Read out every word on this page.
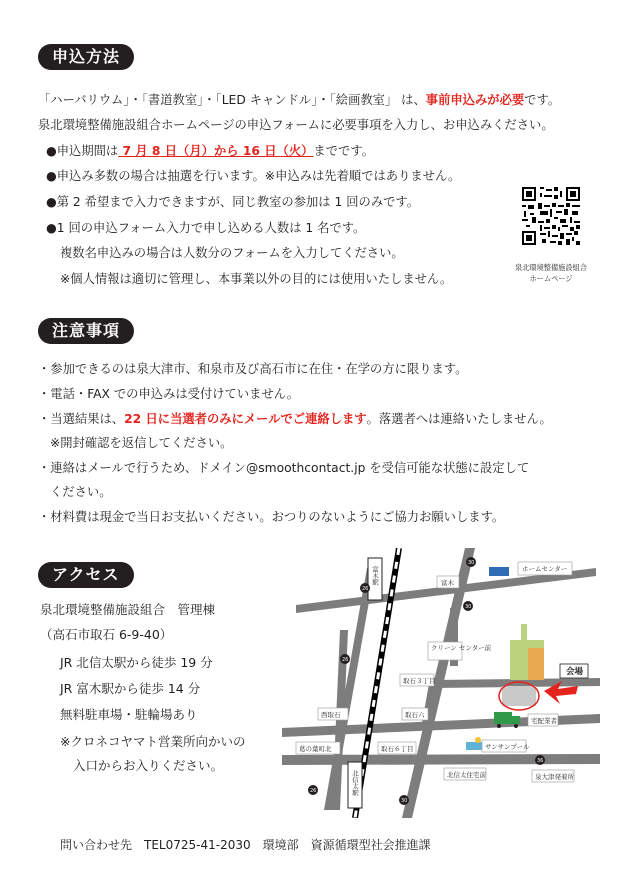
申込方法
「ハーバリウム」・「書道教室」・「LED キャンドル」・「絵画教室」 は、事前申込みが必要です。
泉北環境整備施設組合ホームページの申込フォームに必要事項を入力し、お申込みください。
●申込期間は 7 月 8 日（月）から 16 日（火）までです。
●申込み多数の場合は抽選を行います。※申込みは先着順ではありません。
●第 2 希望まで入力できますが、同じ教室の参加は 1 回のみです。
●1 回の申込フォーム入力で申し込める人数は 1 名です。
複数名申込みの場合は人数分のフォームを入力してください。
※個人情報は適切に管理し、本事業以外の目的には使用いたしません。
泉北環境整備施設組合
ホームページ
注意事項
・参加できるのは泉大津市、和泉市及び高石市に在住・在学の方に限ります。
・電話・FAX での申込みは受付けていません。
・当選結果は、22 日に当選者のみにメールでご連絡します。落選者へは連絡いたしません。
※開封確認を返信してください。
・連絡はメールで行うため、ドメイン@smoothcontact.jp を受信可能な状態に設定して
ください。
・材料費は現金で当日お支払いください。おつりのないようにご協力お願いします。
アクセス
泉北環境整備施設組合　管理棟
（高石市取石 6-9-40）
JR 北信太駅から徒歩 19 分
JR 富木駅から徒歩 14 分
無料駐車場・駐輪場あり
※クロネコヤマト営業所向かいの
入口からお入りください。
富木駅
北信太駅
30
26
26
26
30
30
36
富木
ホームセンター
クリーン センター前
取石３丁目
会場
西取石	取石六
宅配業者
葛の葉町北	取石６丁目	サンサンプール
北信太住宅前	泉大津発着所
問い合わせ先　TEL0725-41-2030　環境部　資源循環型社会推進課
